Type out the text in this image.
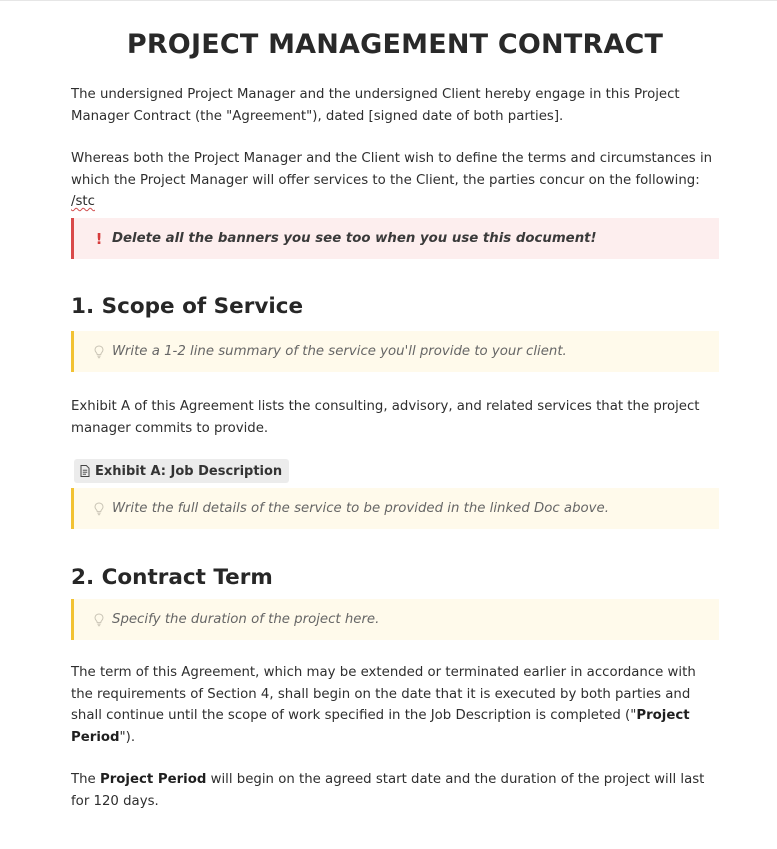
PROJECT MANAGEMENT CONTRACT

The undersigned Project Manager and the undersigned Client hereby engage in this Project Manager Contract (the "Agreement"), dated [signed date of both parties].

Whereas both the Project Manager and the Client wish to define the terms and circumstances in which the Project Manager will offer services to the Client, the parties concur on the following:

/stc
! Delete all the banners you see too when you use this document!
1. Scope of Service
Write a 1-2 line summary of the service you'll provide to your client.

Exhibit A of this Agreement lists the consulting, advisory, and related services that the project manager commits to provide.

Exhibit A: Job Description
Write the full details of the service to be provided in the linked Doc above.
2. Contract Term
Specify the duration of the project here.

The term of this Agreement, which may be extended or terminated earlier in accordance with the requirements of Section 4, shall begin on the date that it is executed by both parties and shall continue until the scope of work specified in the Job Description is completed ("Project Period").

The Project Period will begin on the agreed start date and the duration of the project will last for 120 days.
